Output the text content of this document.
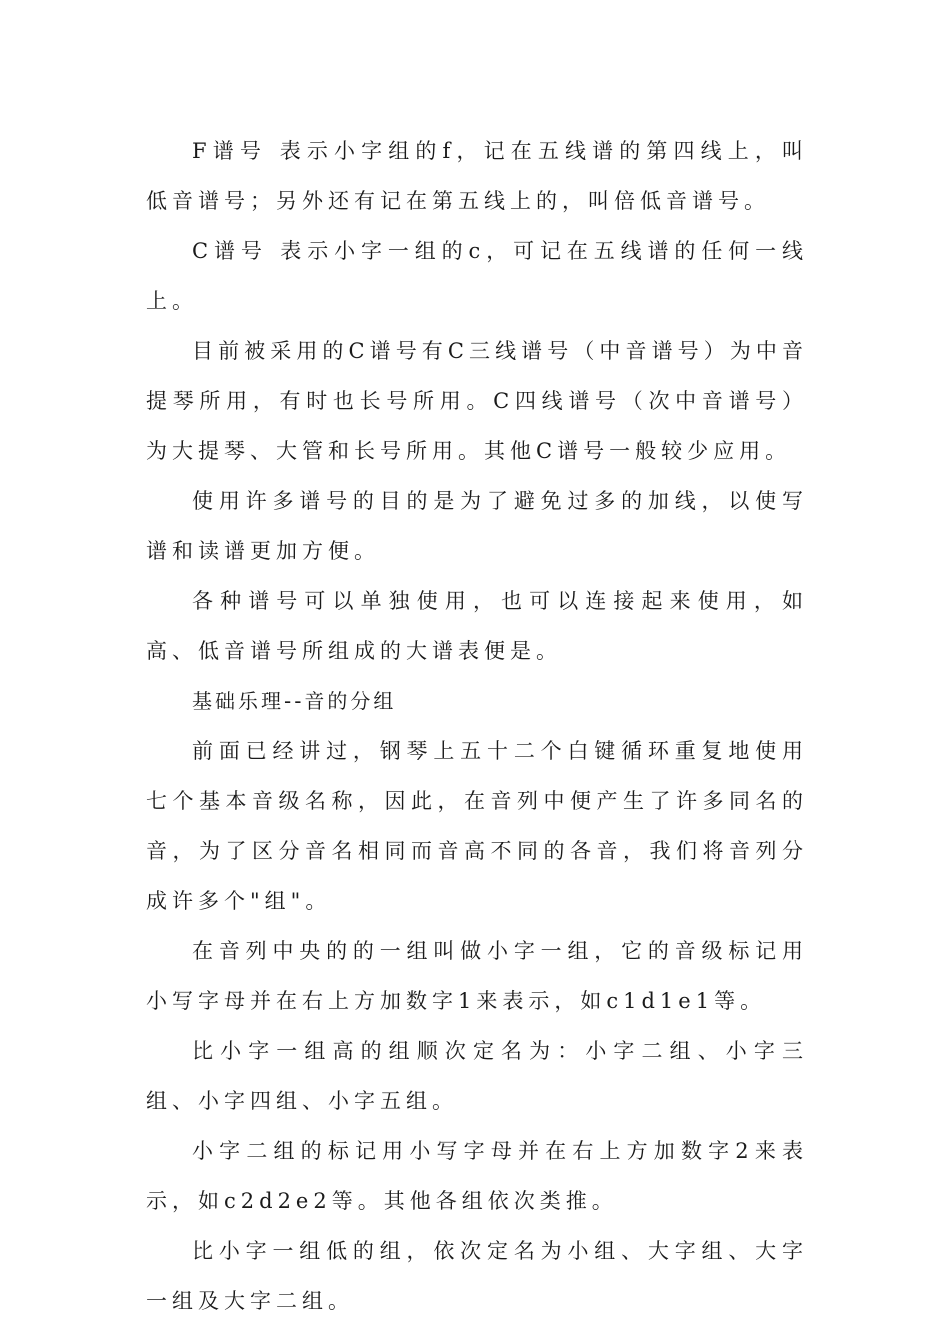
F谱号 表示小字组的f，记在五线谱的第四线上，叫低音谱号；另外还有记在第五线上的，叫倍低音谱号。

C谱号 表示小字一组的c，可记在五线谱的任何一线上。

目前被采用的C谱号有C三线谱号（中音谱号）为中音提琴所用，有时也长号所用。C四线谱号（次中音谱号）为大提琴、大管和长号所用。其他C谱号一般较少应用。

使用许多谱号的目的是为了避免过多的加线，以使写谱和读谱更加方便。

各种谱号可以单独使用，也可以连接起来使用，如高、低音谱号所组成的大谱表便是。

基础乐理--音的分组

前面已经讲过，钢琴上五十二个白键循环重复地使用七个基本音级名称，因此，在音列中便产生了许多同名的音，为了区分音名相同而音高不同的各音，我们将音列分成许多个"组"。

在音列中央的的一组叫做小字一组，它的音级标记用小写字母并在右上方加数字1来表示，如c1d1e1等。

比小字一组高的组顺次定名为：小字二组、小字三组、小字四组、小字五组。

小字二组的标记用小写字母并在右上方加数字2来表示，如c2d2e2等。其他各组依次类推。

比小字一组低的组，依次定名为小组、大字组、大字一组及大字二组。
